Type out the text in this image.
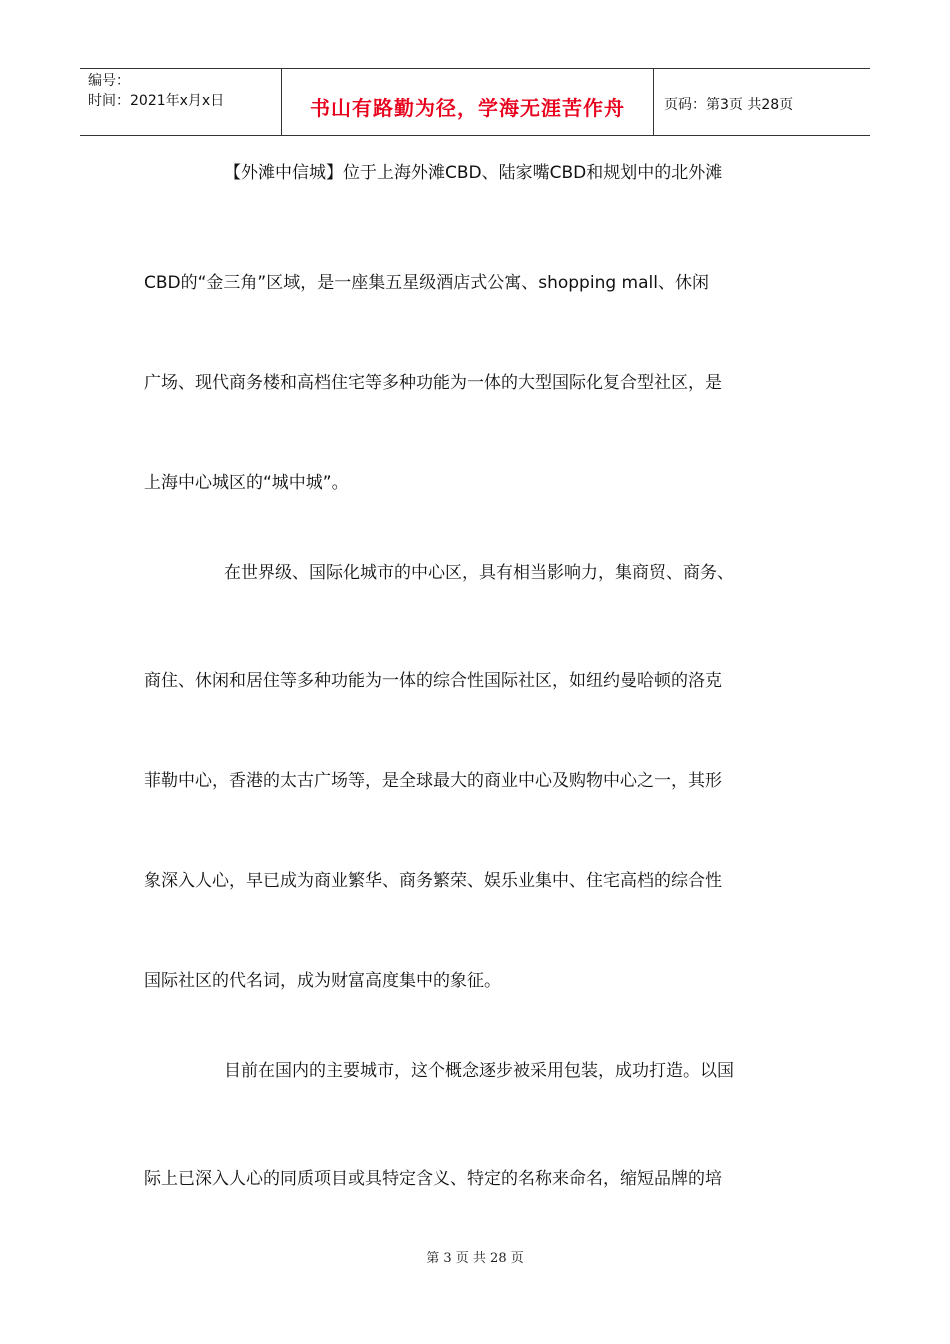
编号：
时间：2021年x月x日	书山有路勤为径，学海无涯苦作舟	页码：第3页 共28页

【外滩中信城】位于上海外滩CBD、陆家嘴CBD和规划中的北外滩

CBD的“金三角”区域，是一座集五星级酒店式公寓、shopping mall、休闲

广场、现代商务楼和高档住宅等多种功能为一体的大型国际化复合型社区，是

上海中心城区的“城中城”。

在世界级、国际化城市的中心区，具有相当影响力，集商贸、商务、

商住、休闲和居住等多种功能为一体的综合性国际社区，如纽约曼哈顿的洛克

菲勒中心，香港的太古广场等，是全球最大的商业中心及购物中心之一，其形

象深入人心，早已成为商业繁华、商务繁荣、娱乐业集中、住宅高档的综合性

国际社区的代名词，成为财富高度集中的象征。

目前在国内的主要城市，这个概念逐步被采用包装，成功打造。以国

际上已深入人心的同质项目或具特定含义、特定的名称来命名，缩短品牌的培

第 3 页 共 28 页
